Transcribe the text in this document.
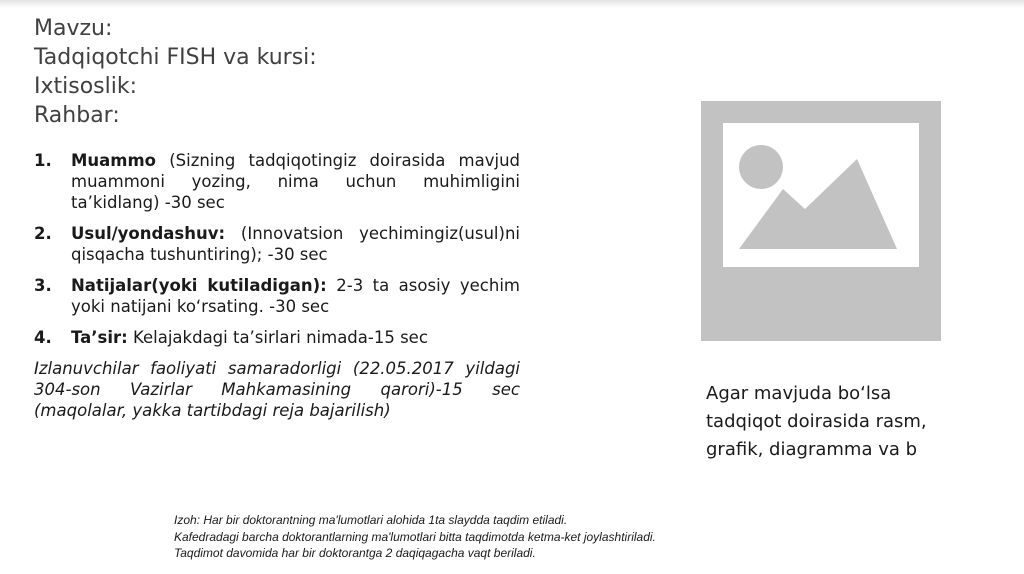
Mavzu:
Tadqiqotchi FISH va kursi:
Ixtisoslik:
Rahbar:
1. Muammo (Sizning tadqiqotingiz doirasida mavjud muammoni yozing, nima uchun muhimligini ta’kidlang) -30 sec
2. Usul/yondashuv: (Innovatsion yechimingiz(usul)ni qisqacha tushuntiring); -30 sec
3. Natijalar(yoki kutiladigan): 2-3 ta asosiy yechim yoki natijani ko‘rsating. -30 sec
4. Ta’sir: Kelajakdagi ta’sirlari nimada-15 sec
Izlanuvchilar faoliyati samaradorligi (22.05.2017 yildagi 304-son Vazirlar Mahkamasining qarori)-15 sec (maqolalar, yakka tartibdagi reja bajarilish)
Agar mavjuda bo‘lsa
tadqiqot doirasida rasm,
grafik, diagramma va b
Izoh: Har bir doktorantning ma'lumotlari alohida 1ta slaydda taqdim etiladi.
Kafedradagi barcha doktorantlarning ma'lumotlari bitta taqdimotda ketma-ket joylashtiriladi.
Taqdimot davomida har bir doktorantga 2 daqiqagacha vaqt beriladi.
